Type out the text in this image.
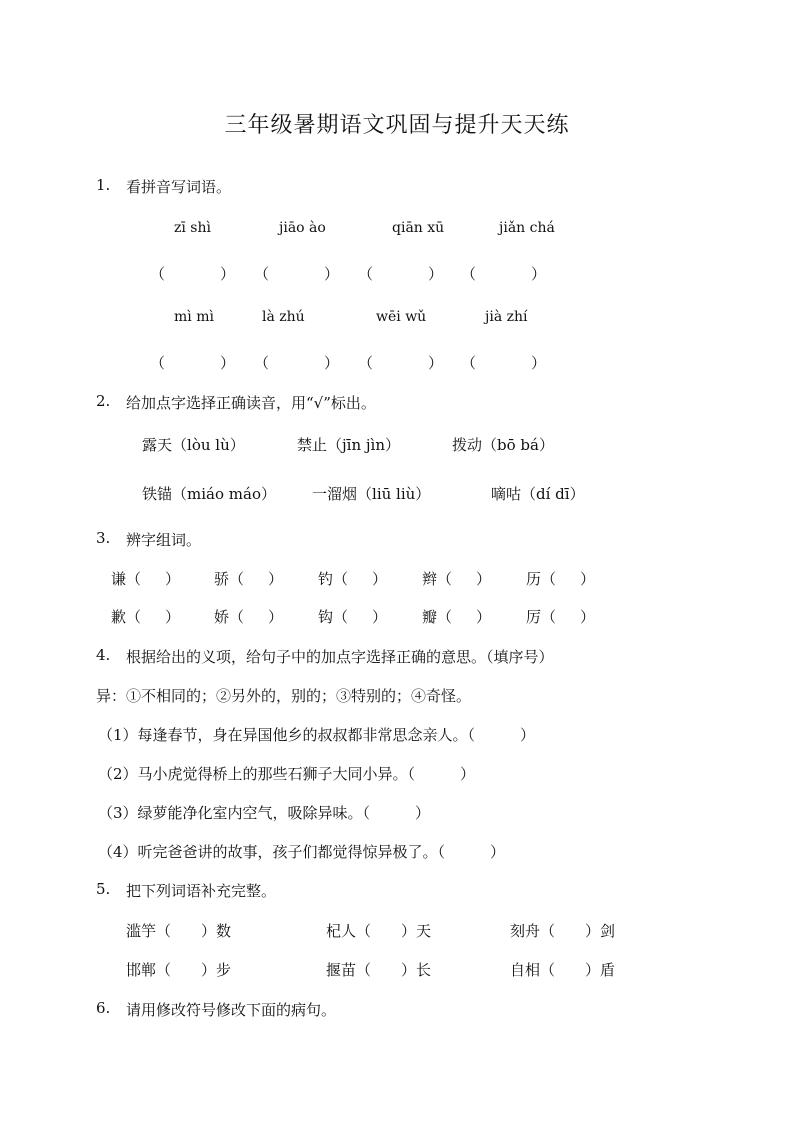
三年级暑期语文巩固与提升天天练
1. 看拼音写词语。
zī shì	jiāo ào	qiān xū	jiǎn chá
（	） （	） （	） （	）
mì mì	là zhú	wēi wǔ	jià zhí
（	） （	） （	） （	）
2. 给加点字选择正确读音，用“√”标出。
露天（lòu lù）	禁止（jīn jìn）	拨动（bō bá）
铁锚（miáo máo） 一溜烟（liū liù）	嘀咕（dí dī）
3. 辨字组词。
谦（ ） 骄（ ） 钓（ ） 辫（ ） 历（ ）
歉（ ） 娇（ ） 钩（ ） 瓣（ ） 厉（ ）
4. 根据给出的义项，给句子中的加点字选择正确的意思。（填序号）
异：①不相同的；②另外的，别的；③特别的；④奇怪。
（1）每逢春节，身在异国他乡的叔叔都非常思念亲人。（　　　）
（2）马小虎觉得桥上的那些石狮子大同小异。（　　　）
（3）绿萝能净化室内空气，吸除异味。（　　　）
（4）听完爸爸讲的故事，孩子们都觉得惊异极了。（　　　）
5. 把下列词语补充完整。
滥竽（ ）数	杞人（ ）天	刻舟（ ）剑
邯郸（ ）步	揠苗（ ）长	自相（ ）盾
6. 请用修改符号修改下面的病句。
